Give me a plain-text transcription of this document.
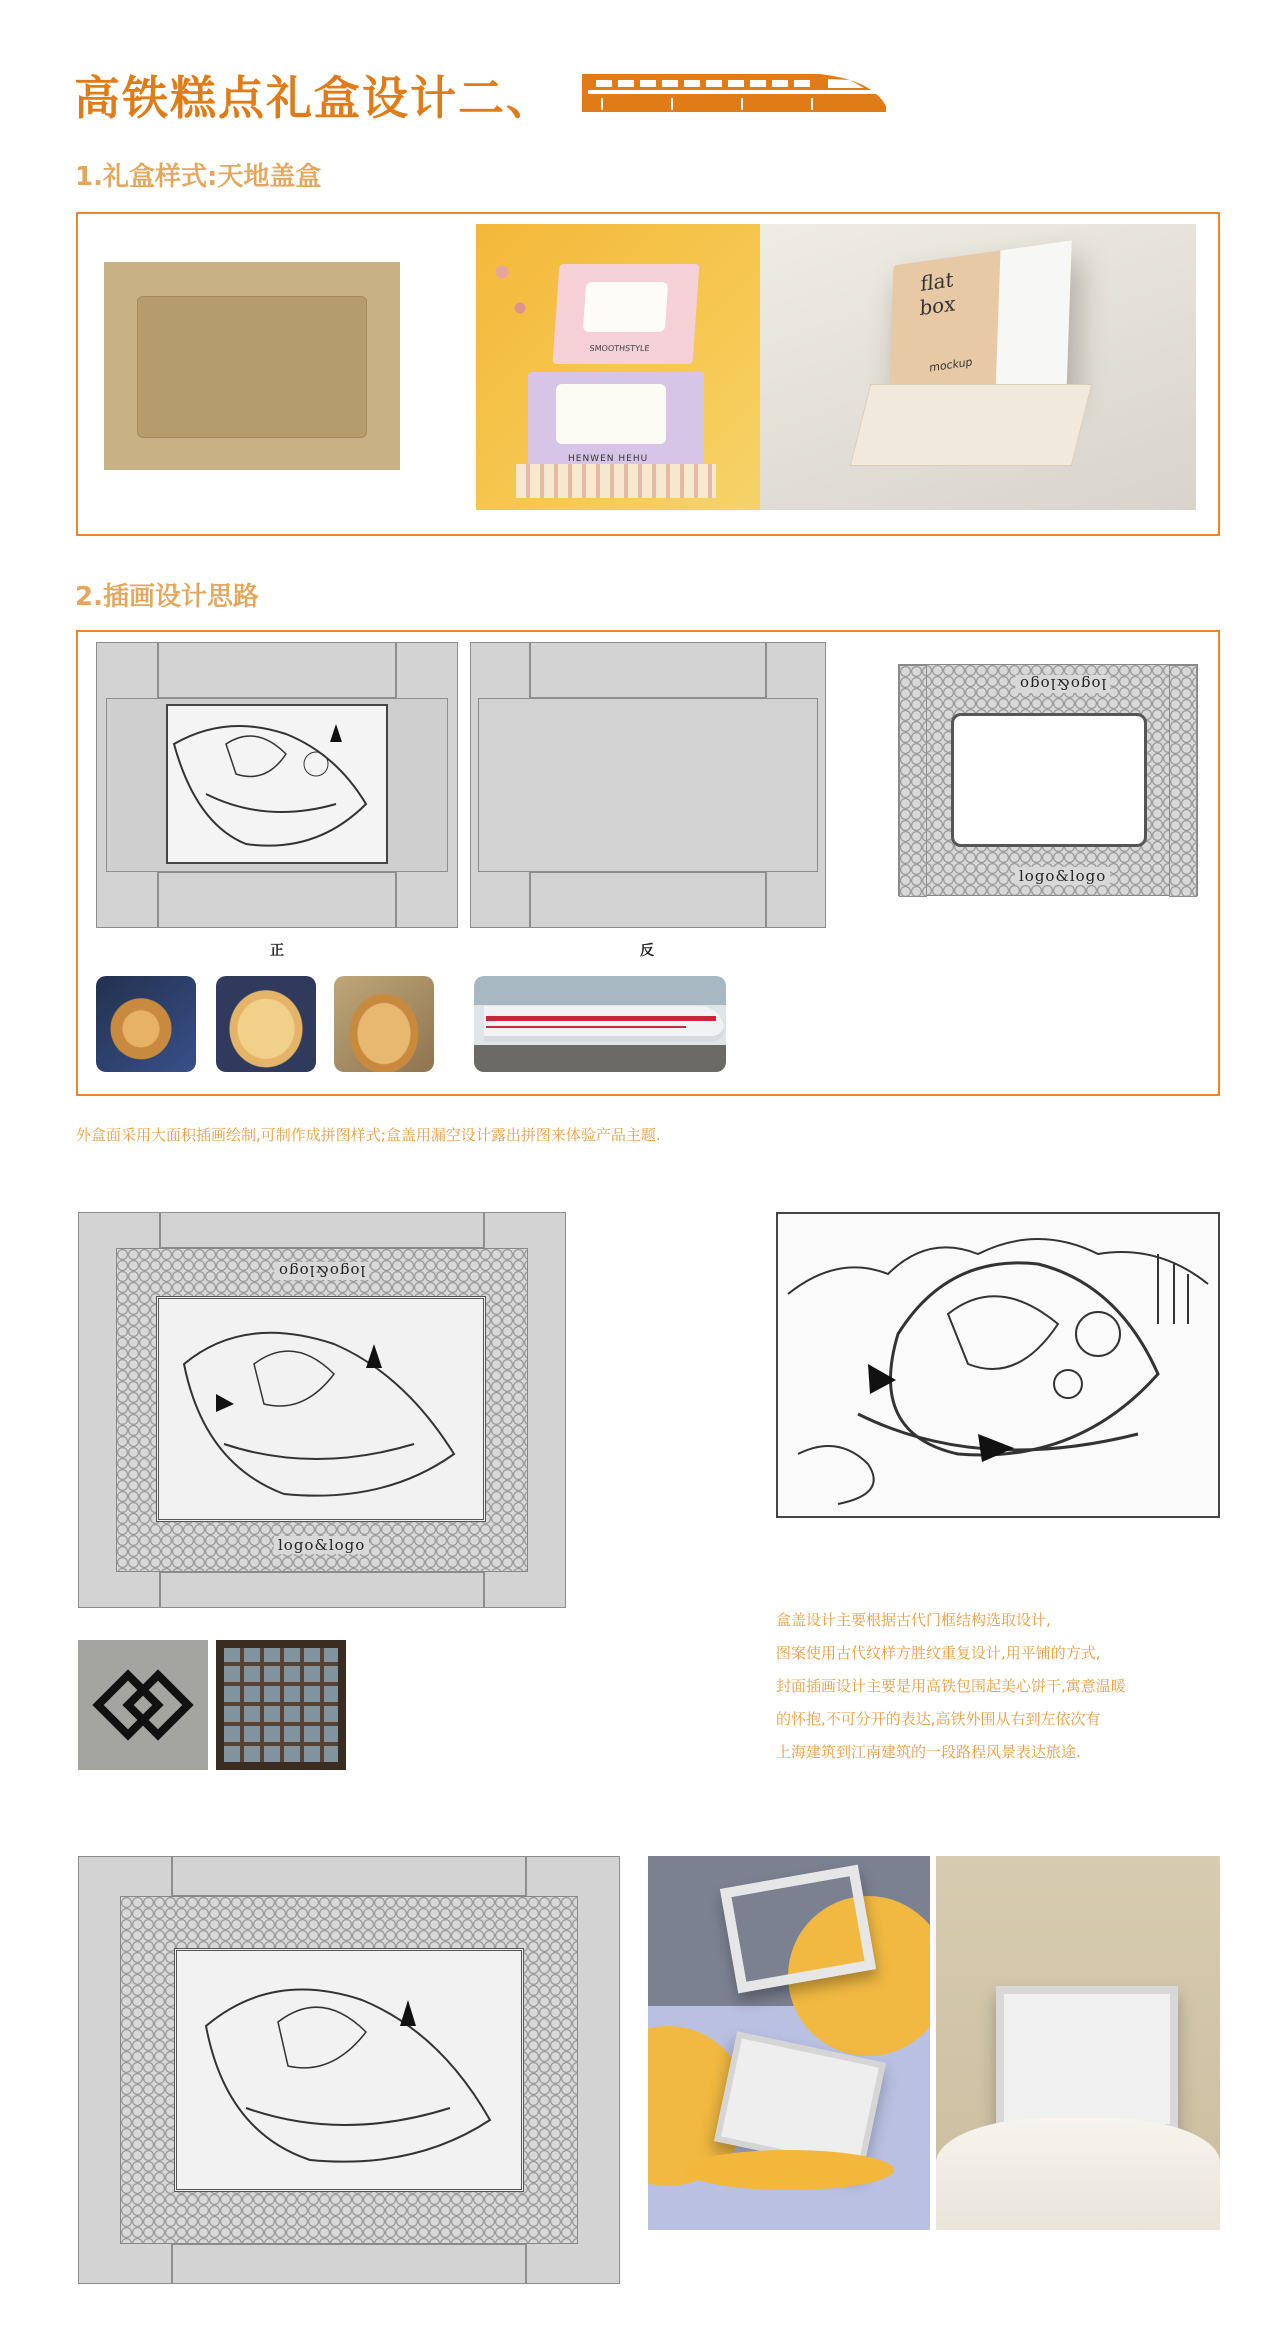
高铁糕点礼盒设计二、
1.礼盒样式:天地盖盒
SMOOTHSTYLE
HENWEN HEHU
flat
box
mockup
2.插画设计思路
logo&logo
logo&logo
正	反
外盒面采用大面积插画绘制,可制作成拼图样式;盒盖用漏空设计露出拼图来体验产品主题.
logo&logo
logo&logo
盒盖设计主要根据古代门框结构选取设计,
图案使用古代纹样方胜纹重复设计,用平铺的方式,
封面插画设计主要是用高铁包围起美心饼干,寓意温暖
的怀抱,不可分开的表达,高铁外围从右到左依次有
上海建筑到江南建筑的一段路程风景表达旅途.
